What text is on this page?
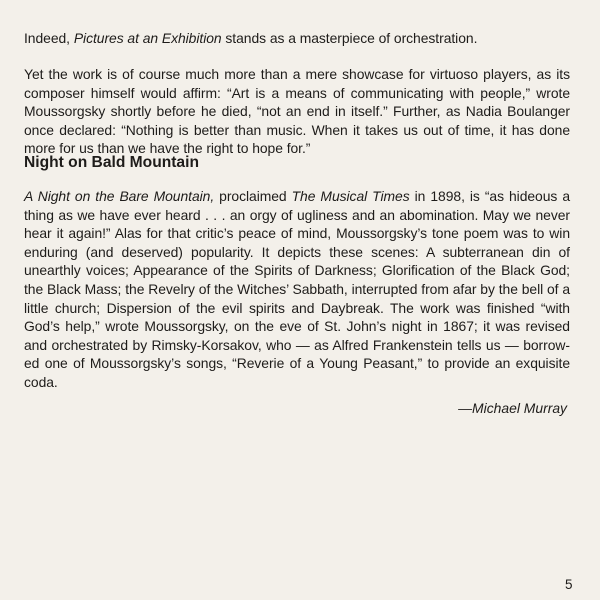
Indeed, Pictures at an Exhibition stands as a masterpiece of orchestration.

Yet the work is of course much more than a mere showcase for virtuoso players, as its composer himself would affirm: “Art is a means of communicating with people,” wrote Moussorgsky shortly before he died, “not an end in itself.” Further, as Nadia Boulanger once declared: “Nothing is better than music. When it takes us out of time, it has done more for us than we have the right to hope for.”

Night on Bald Mountain

A Night on the Bare Mountain, proclaimed The Musical Times in 1898, is “as hideous a thing as we have ever heard . . . an orgy of ugliness and an abomination. May we never hear it again!” Alas for that critic’s peace of mind, Moussorgsky’s tone poem was to win enduring (and deserved) popularity. It depicts these scenes: A subterranean din of unearthly voices; Appearance of the Spirits of Darkness; Glorification of the Black God; the Black Mass; the Revelry of the Witches’ Sabbath, interrupted from afar by the bell of a little church; Dispersion of the evil spirits and Daybreak. The work was finished “with God’s help,” wrote Moussorgsky, on the eve of St. John’s night in 1867; it was revised and orchestrated by Rimsky-Korsakov, who — as Alfred Frankenstein tells us — borrowed one of Moussorgsky’s songs, “Reverie of a Young Peasant,” to provide an exquisite coda.

—Michael Murray

5
